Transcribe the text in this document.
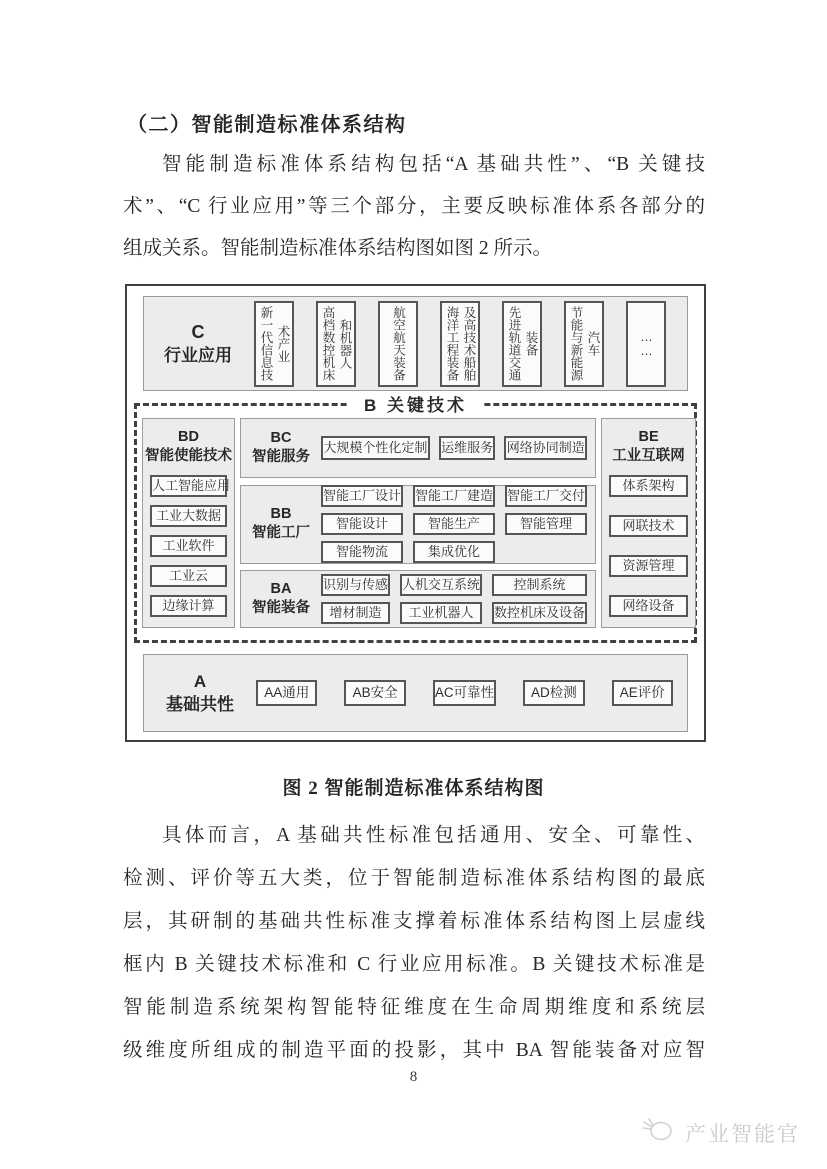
（二）智能制造标准体系结构
智能制造标准体系结构包括“A 基础共性”、“B 关键技
术”、“C 行业应用”等三个部分，主要反映标准体系各部分的
组成关系。智能制造标准体系结构图如图 2 所示。
C
行业应用	新一代信息技术产业 高档数控机床和机器人	航空航天装备	海洋工程装备及高技术船舶 先进轨道交通装备 节能与新能源汽车	……
B 关键技术
BD
智能使能技术
人工智能应用
工业大数据
工业软件
工业云
边缘计算
BC
智能服务
大规模个性化定制 运维服务 网络协同制造
BB
智能工厂
智能工厂设计 智能工厂建造 智能工厂交付
智能设计	智能生产	智能管理
智能物流	集成优化
BA
智能装备
识别与传感 人机交互系统	控制系统
增材制造	工业机器人	数控机床及设备
BE
工业互联网
体系架构
网联技术
资源管理
网络设备
A
基础共性
AA通用	AB安全	AC可靠性	AD检测	AE评价
图 2 智能制造标准体系结构图
具体而言，A 基础共性标准包括通用、安全、可靠性、
检测、评价等五大类，位于智能制造标准体系结构图的最底
层，其研制的基础共性标准支撑着标准体系结构图上层虚线
框内 B 关键技术标准和 C 行业应用标准。B 关键技术标准是
智能制造系统架构智能特征维度在生命周期维度和系统层
级维度所组成的制造平面的投影，其中 BA 智能装备对应智
8
产业智能官
